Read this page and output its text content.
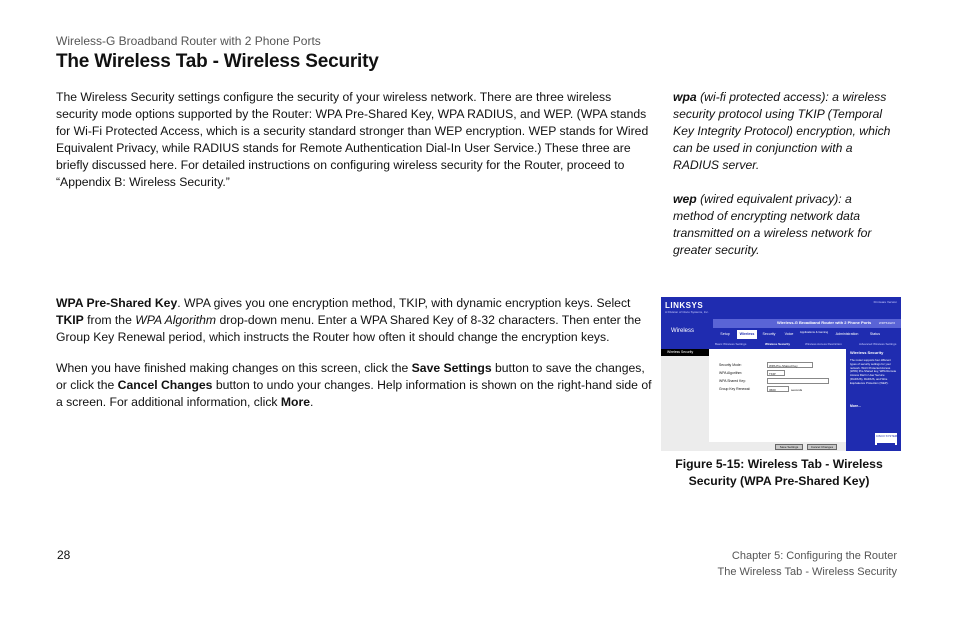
Wireless-G Broadband Router with 2 Phone Ports
The Wireless Tab - Wireless Security
The Wireless Security settings configure the security of your wireless network. There are three wireless security mode options supported by the Router: WPA Pre-Shared Key, WPA RADIUS, and WEP. (WPA stands for Wi-Fi Protected Access, which is a security standard stronger than WEP encryption. WEP stands for Wired Equivalent Privacy, while RADIUS stands for Remote Authentication Dial-In User Service.) These three are briefly discussed here. For detailed instructions on configuring wireless security for the Router, proceed to “Appendix B: Wireless Security.”
wpa (wi-fi protected access): a wireless security protocol using TKIP (Temporal Key Integrity Protocol) encryption, which can be used in conjunction with a RADIUS server.
wep (wired equivalent privacy): a method of encrypting network data transmitted on a wireless network for greater security.
WPA Pre-Shared Key. WPA gives you one encryption method, TKIP, with dynamic encryption keys. Select TKIP from the WPA Algorithm drop-down menu. Enter a WPA Shared Key of 8-32 characters. Then enter the Group Key Renewal period, which instructs the Router how often it should change the encryption keys.
When you have finished making changes on this screen, click the Save Settings button to save the changes, or click the Cancel Changes button to undo your changes. Help information is shown on the right-hand side of a screen. For additional information, click More.
LINKSYS
A Division of Cisco Systems, Inc.
Firmware Version
Wireless
Wireless-G Broadband Router with 2 Phone Ports	WRT54GP2
Setup	Wireless	Security	Voice	Applications & Gaming	Administration	Status
Basic Wireless Settings	Wireless Security	Wireless Access Restriction	Advanced Wireless Settings
Wireless Security
Security Mode:	WPA Pre-Shared Key
WPA Algorithm:	TKIP
WPA Shared Key:
Group Key Renewal:	3600	seconds
Wireless Security
The router supports four different types of security settings for your network. Wi-Fi Protected Access (WPA) Pre-Shared key, WPA Remote Access Dial In User Service (RADIUS), RADIUS, and Wire Equivalence Protection (WEP).
More...
Save Settings	Cancel Changes
CISCO SYSTEMS
Figure 5-15: Wireless Tab - Wireless Security (WPA Pre-Shared Key)
28	Chapter 5: Configuring the Router
The Wireless Tab - Wireless Security
